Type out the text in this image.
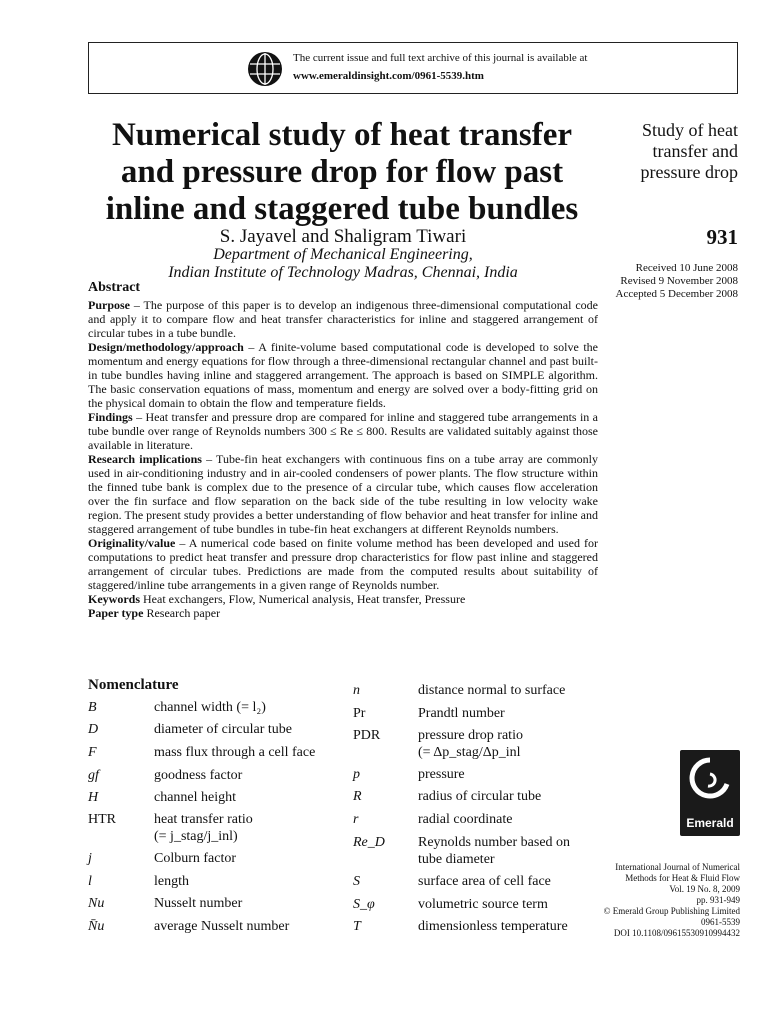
The current issue and full text archive of this journal is available at
www.emeraldinsight.com/0961-5539.htm
Numerical study of heat transfer
and pressure drop for flow past
inline and staggered tube bundles
S. Jayavel and Shaligram Tiwari
Department of Mechanical Engineering,
Indian Institute of Technology Madras, Chennai, India
Study of heat
transfer and
pressure drop
931
Received 10 June 2008
Revised 9 November 2008
Accepted 5 December 2008
Abstract

Purpose – The purpose of this paper is to develop an indigenous three-dimensional computational code and apply it to compare flow and heat transfer characteristics for inline and staggered arrangement of circular tubes in a tube bundle.

Design/methodology/approach – A finite-volume based computational code is developed to solve the momentum and energy equations for flow through a three-dimensional rectangular channel and past built-in tube bundles having inline and staggered arrangement. The approach is based on SIMPLE algorithm. The basic conservation equations of mass, momentum and energy are solved over a body-fitting grid on the physical domain to obtain the flow and temperature fields.

Findings – Heat transfer and pressure drop are compared for inline and staggered tube arrangements in a tube bundle over range of Reynolds numbers 300 ≤ Re ≤ 800. Results are validated suitably against those available in literature.

Research implications – Tube-fin heat exchangers with continuous fins on a tube array are commonly used in air-conditioning industry and in air-cooled condensers of power plants. The flow structure within the finned tube bank is complex due to the presence of a circular tube, which causes flow acceleration over the fin surface and flow separation on the back side of the tube resulting in low velocity wake region. The present study provides a better understanding of flow behavior and heat transfer for inline and staggered arrangement of tube bundles in tube-fin heat exchangers at different Reynolds numbers.

Originality/value – A numerical code based on finite volume method has been developed and used for computations to predict heat transfer and pressure drop characteristics for flow past inline and staggered arrangement of circular tubes. Predictions are made from the computed results about suitability of staggered/inline tube arrangements in a given range of Reynolds number.

Keywords Heat exchangers, Flow, Numerical analysis, Heat transfer, Pressure

Paper type Research paper

Nomenclature
B	channel width (= l₂)
D	diameter of circular tube
F	mass flux through a cell face
gf	goodness factor
H	channel height
HTR	heat transfer ratio
(= j_stag/j_inl)
j	Colburn factor
l	length
Nu	Nusselt number
N̄u	average Nusselt number
n	distance normal to surface
Pr	Prandtl number
PDR	pressure drop ratio
(= Δp_stag/Δp_inl
p	pressure
R	radius of circular tube
r	radial coordinate
Re_D Reynolds number based on
tube diameter
S	surface area of cell face
S_φ	volumetric source term
T	dimensionless temperature
Emerald
International Journal of Numerical
Methods for Heat & Fluid Flow
Vol. 19 No. 8, 2009
pp. 931-949
© Emerald Group Publishing Limited
0961-5539
DOI 10.1108/09615530910994432
